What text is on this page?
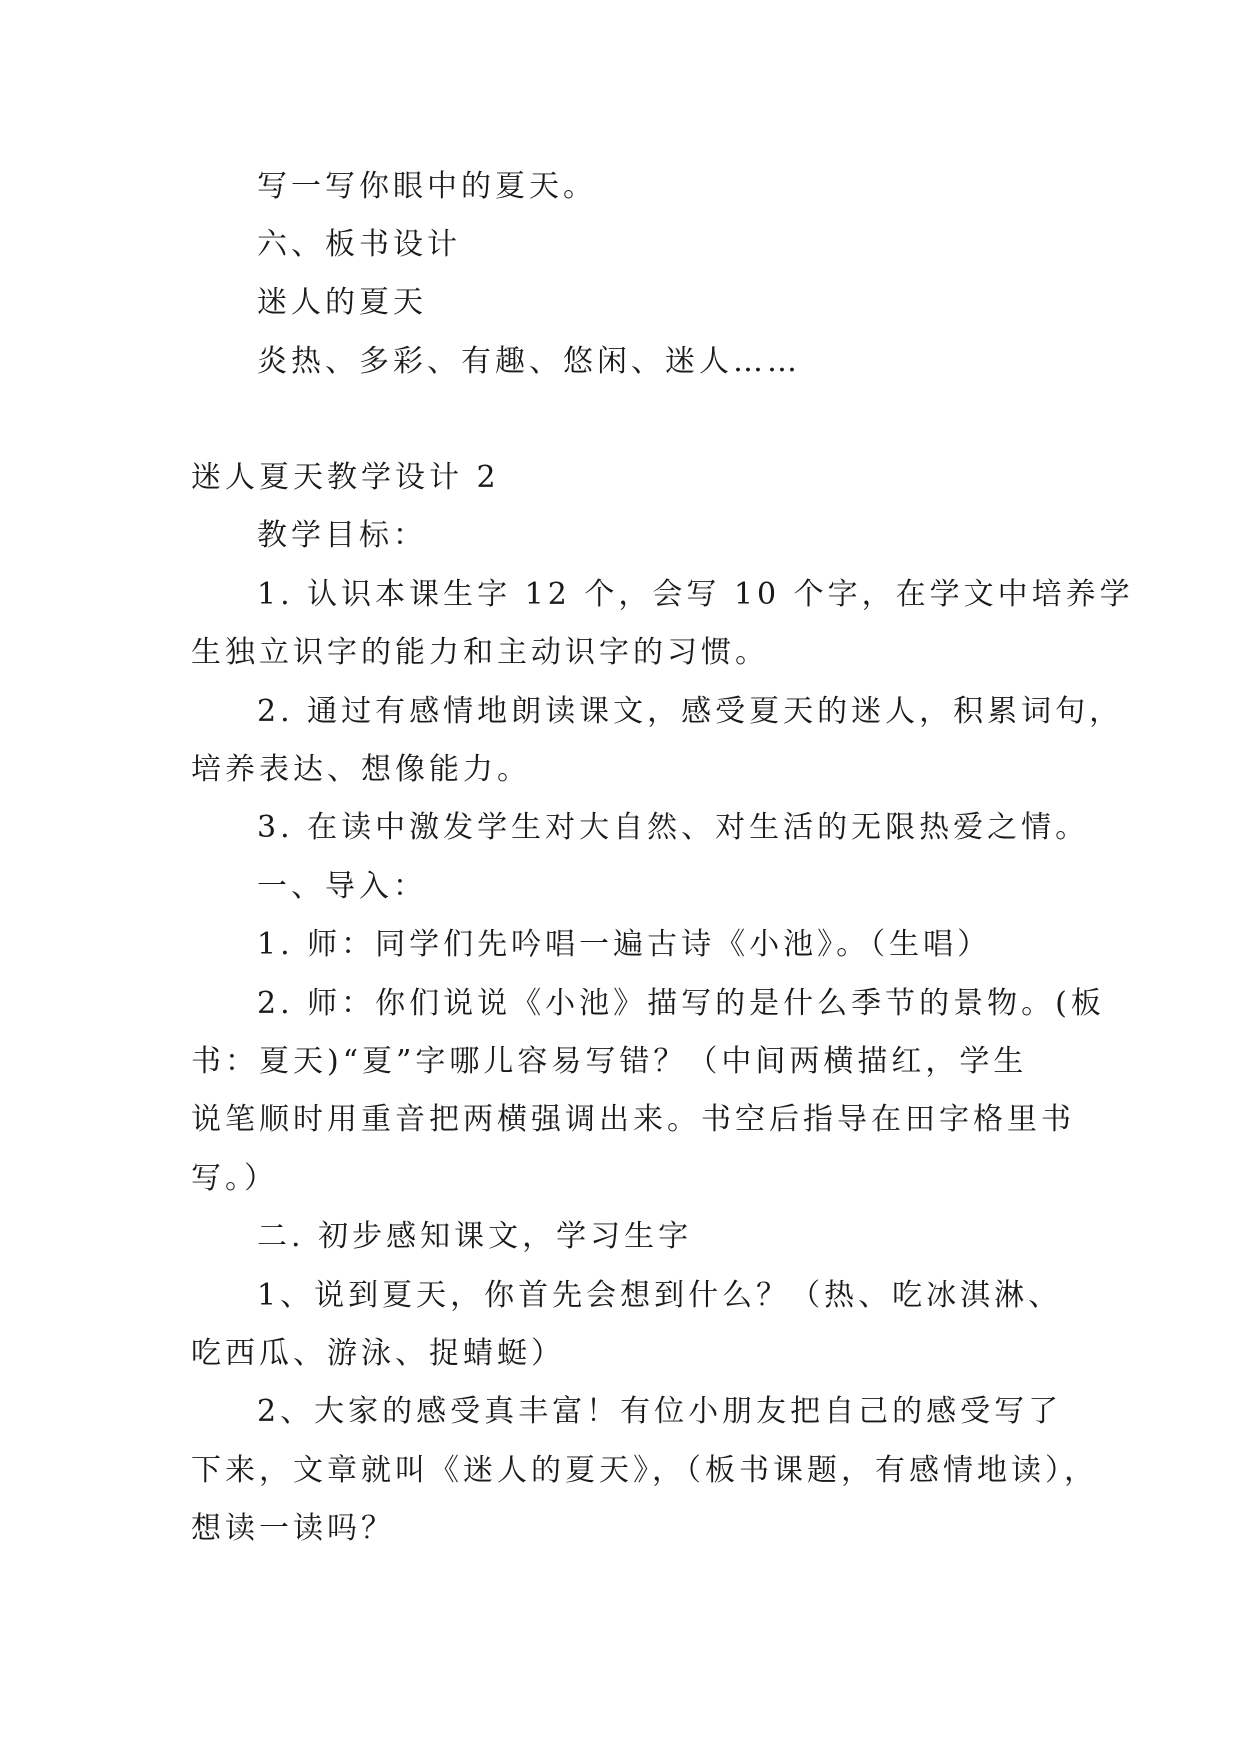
写一写你眼中的夏天。

六、板书设计

迷人的夏天

炎热、多彩、有趣、悠闲、迷人……

迷人夏天教学设计 2

教学目标：

1. 认识本课生字 12 个，会写 10 个字，在学文中培养学

生独立识字的能力和主动识字的习惯。

2. 通过有感情地朗读课文，感受夏天的迷人，积累词句，

培养表达、想像能力。

3. 在读中激发学生对大自然、对生活的无限热爱之情。

一、导入：

1. 师：同学们先吟唱一遍古诗《小池》。（生唱）

2. 师：你们说说《小池》描写的是什么季节的景物。(板

书：夏天)“夏”字哪儿容易写错？（中间两横描红，学生

说笔顺时用重音把两横强调出来。书空后指导在田字格里书

写。）

二. 初步感知课文，学习生字

1、说到夏天，你首先会想到什么？（热、吃冰淇淋、

吃西瓜、游泳、捉蜻蜓）

2、大家的感受真丰富！有位小朋友把自己的感受写了

下来，文章就叫《迷人的夏天》，（板书课题，有感情地读），

想读一读吗？
